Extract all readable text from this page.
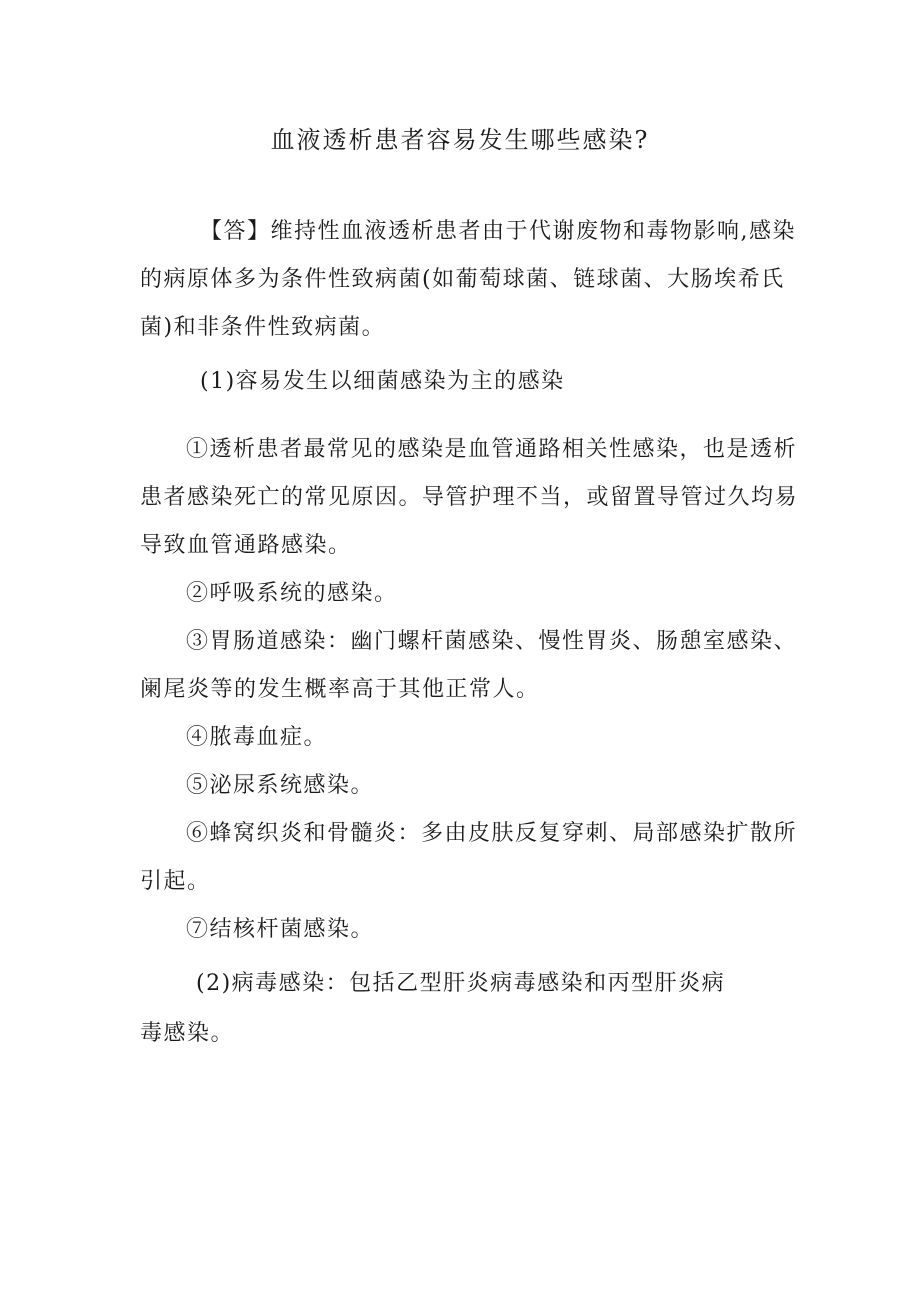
血液透析患者容易发生哪些感染?

【答】维持性血液透析患者由于代谢废物和毒物影响,感染

的病原体多为条件性致病菌(如葡萄球菌、链球菌、大肠埃希氏

菌)和非条件性致病菌。

(1)容易发生以细菌感染为主的感染

①透析患者最常见的感染是血管通路相关性感染，也是透析

患者感染死亡的常见原因。导管护理不当，或留置导管过久均易

导致血管通路感染。

②呼吸系统的感染。

③胃肠道感染：幽门螺杆菌感染、慢性胃炎、肠憩室感染、

阑尾炎等的发生概率高于其他正常人。

④脓毒血症。

⑤泌尿系统感染。

⑥蜂窝织炎和骨髓炎：多由皮肤反复穿刺、局部感染扩散所

引起。

⑦结核杆菌感染。

(2)病毒感染：包括乙型肝炎病毒感染和丙型肝炎病

毒感染。
